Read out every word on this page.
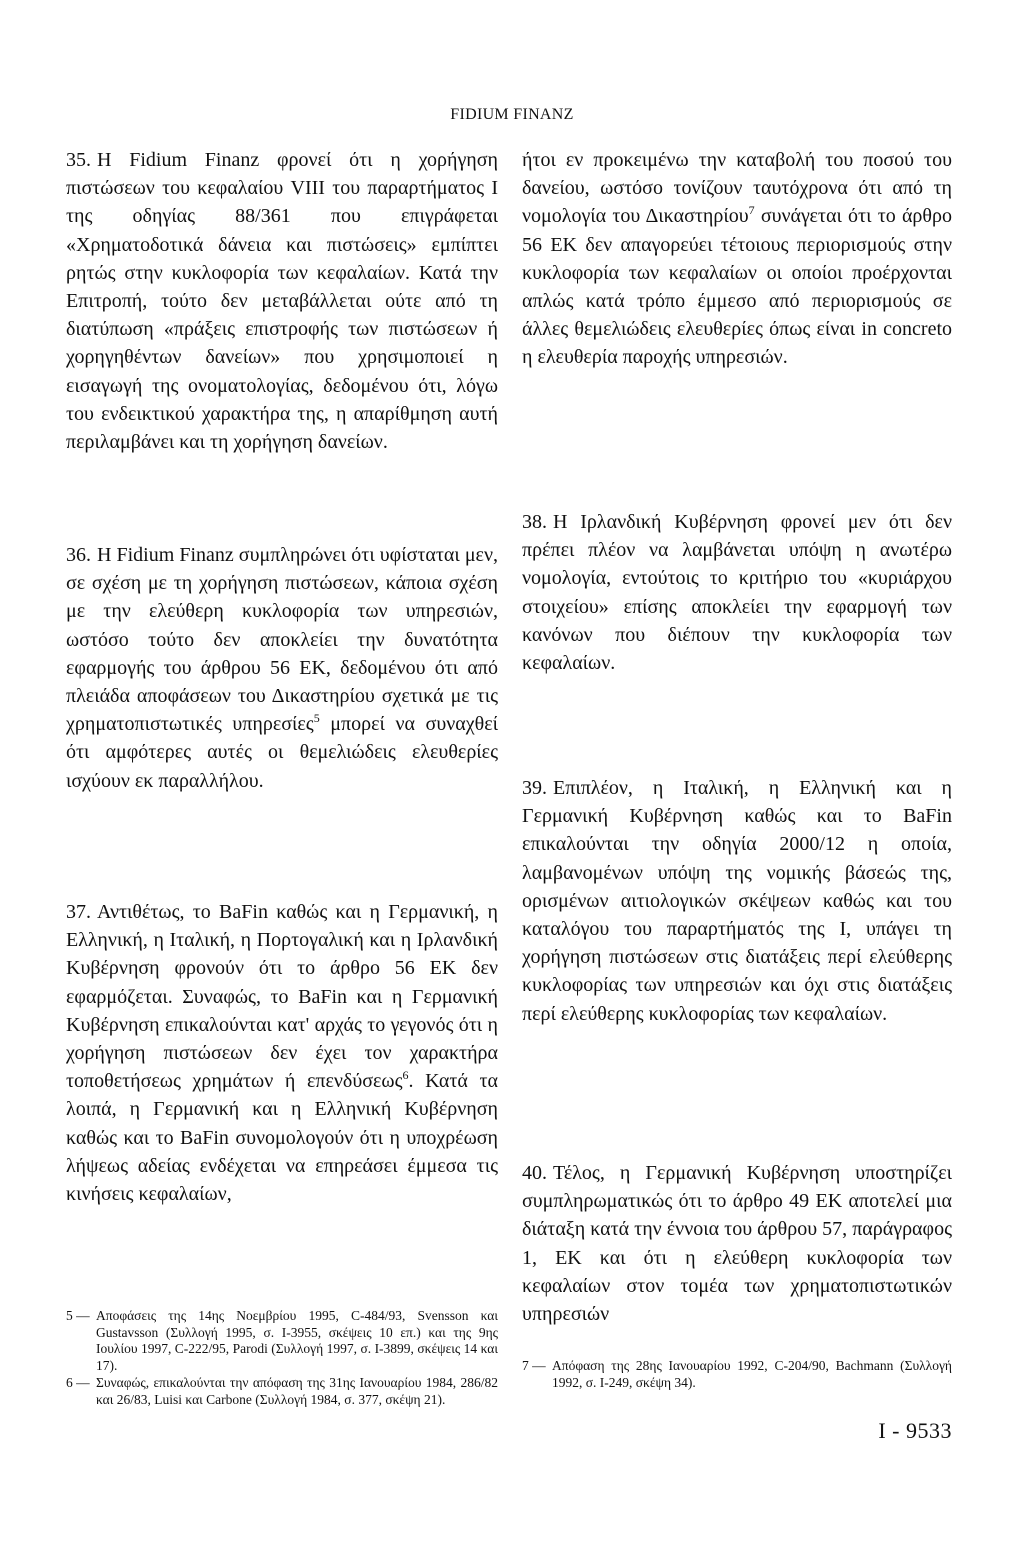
FIDIUM FINANZ

35. Η Fidium Finanz φρονεί ότι η χορήγηση πιστώσεων του κεφαλαίου VIII του παραρτήματος Ι της οδηγίας 88/361 που επιγράφεται «Χρηματοδοτικά δάνεια και πιστώσεις» εμπίπτει ρητώς στην κυκλοφορία των κεφαλαίων. Κατά την Επιτροπή, τούτο δεν μεταβάλλεται ούτε από τη διατύπωση «πράξεις επιστροφής των πιστώσεων ή χορηγηθέντων δανείων» που χρησιμοποιεί η εισαγωγή της ονοματολογίας, δεδομένου ότι, λόγω του ενδεικτικού χαρακτήρα της, η απαρίθμηση αυτή περιλαμβάνει και τη χορήγηση δανείων.

36. Η Fidium Finanz συμπληρώνει ότι υφίσταται μεν, σε σχέση με τη χορήγηση πιστώσεων, κάποια σχέση με την ελεύθερη κυκλοφορία των υπηρεσιών, ωστόσο τούτο δεν αποκλείει την δυνατότητα εφαρμογής του άρθρου 56 ΕΚ, δεδομένου ότι από πλειάδα αποφάσεων του Δικαστηρίου σχετικά με τις χρηματοπιστωτικές υπηρεσίες$^5$ μπορεί να συναχθεί ότι αμφότερες αυτές οι θεμελιώδεις ελευθερίες ισχύουν εκ παραλλήλου.

37. Αντιθέτως, το BaFin καθώς και η Γερμανική, η Ελληνική, η Ιταλική, η Πορτογαλική και η Ιρλανδική Κυβέρνηση φρονούν ότι το άρθρο 56 ΕΚ δεν εφαρμόζεται. Συναφώς, το BaFin και η Γερμανική Κυβέρνηση επικαλούνται κατ' αρχάς το γεγονός ότι η χορήγηση πιστώσεων δεν έχει τον χαρακτήρα τοποθετήσεως χρημάτων ή επενδύσεως$^6$. Κατά τα λοιπά, η Γερμανική και η Ελληνική Κυβέρνηση καθώς και το BaFin συνομολογούν ότι η υποχρέωση λήψεως αδείας ενδέχεται να επηρεάσει έμμεσα τις κινήσεις κεφαλαίων,

5 — Αποφάσεις της 14ης Νοεμβρίου 1995, C-484/93, Svensson και Gustavsson (Συλλογή 1995, σ. Ι-3955, σκέψεις 10 επ.) και της 9ης Ιουλίου 1997, C-222/95, Parodi (Συλλογή 1997, σ. Ι-3899, σκέψεις 14 και 17).

6 — Συναφώς, επικαλούνται την απόφαση της 31ης Ιανουαρίου 1984, 286/82 και 26/83, Luisi και Carbone (Συλλογή 1984, σ. 377, σκέψη 21).

ήτοι εν προκειμένω την καταβολή του ποσού του δανείου, ωστόσο τονίζουν ταυτόχρονα ότι από τη νομολογία του Δικαστηρίου$^7$ συνάγεται ότι το άρθρο 56 ΕΚ δεν απαγορεύει τέτοιους περιορισμούς στην κυκλοφορία των κεφαλαίων οι οποίοι προέρχονται απλώς κατά τρόπο έμμεσο από περιορισμούς σε άλλες θεμελιώδεις ελευθερίες όπως είναι in concreto η ελευθερία παροχής υπηρεσιών.

38. Η Ιρλανδική Κυβέρνηση φρονεί μεν ότι δεν πρέπει πλέον να λαμβάνεται υπόψη η ανωτέρω νομολογία, εντούτοις το κριτήριο του «κυριάρχου στοιχείου» επίσης αποκλείει την εφαρμογή των κανόνων που διέπουν την κυκλοφορία των κεφαλαίων.

39. Επιπλέον, η Ιταλική, η Ελληνική και η Γερμανική Κυβέρνηση καθώς και το BaFin επικαλούνται την οδηγία 2000/12 η οποία, λαμβανομένων υπόψη της νομικής βάσεώς της, ορισμένων αιτιολογικών σκέψεων καθώς και του καταλόγου του παραρτήματός της Ι, υπάγει τη χορήγηση πιστώσεων στις διατάξεις περί ελεύθερης κυκλοφορίας των υπηρεσιών και όχι στις διατάξεις περί ελεύθερης κυκλοφορίας των κεφαλαίων.

40. Τέλος, η Γερμανική Κυβέρνηση υποστηρίζει συμπληρωματικώς ότι το άρθρο 49 ΕΚ αποτελεί μια διάταξη κατά την έννοια του άρθρου 57, παράγραφος 1, ΕΚ και ότι η ελεύθερη κυκλοφορία των κεφαλαίων στον τομέα των χρηματοπιστωτικών υπηρεσιών

7 — Απόφαση της 28ης Ιανουαρίου 1992, C-204/90, Bachmann (Συλλογή 1992, σ. Ι-249, σκέψη 34).

I - 9533
